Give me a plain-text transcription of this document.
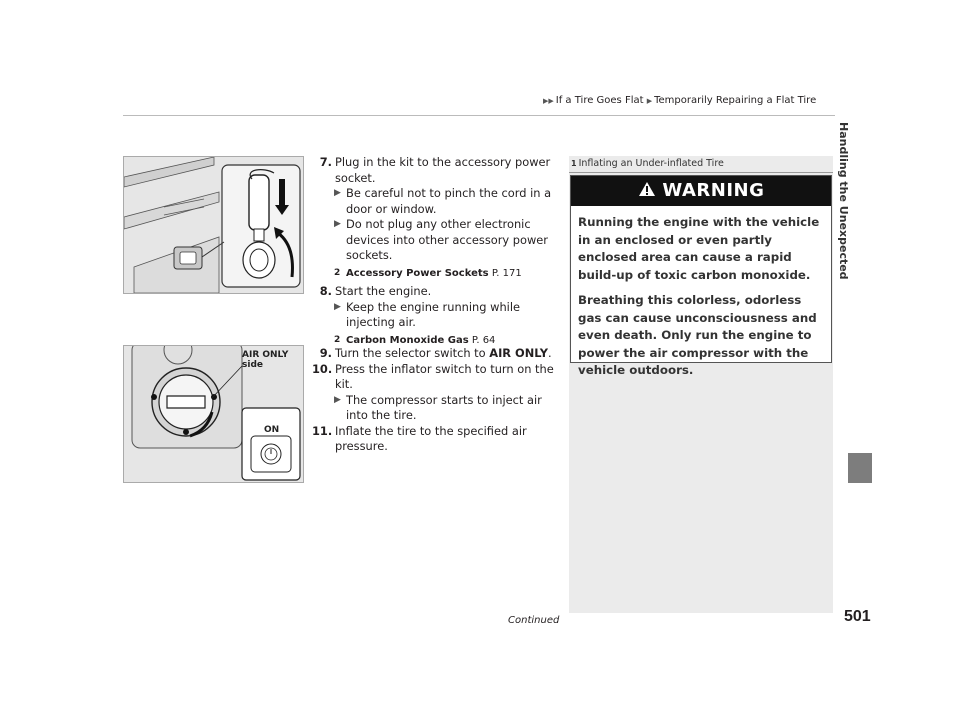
▶▶ If a Tire Goes Flat ▶ Temporarily Repairing a Flat Tire
Handling the Unexpected
AIR ONLY
side
ON

7. Plug in the kit to the accessory power socket.

▶ Be careful not to pinch the cord in a door or window.

▶ Do not plug any other electronic devices into other accessory power sockets.

2 Accessory Power Sockets P. 171

8. Start the engine.

▶ Keep the engine running while injecting air.

2 Carbon Monoxide Gas P. 64

9. Turn the selector switch to AIR ONLY.

10. Press the inflator switch to turn on the kit.

▶ The compressor starts to inject air into the tire.

11. Inflate the tire to the specified air pressure.

1 Inflating an Under-inflated Tire
WARNING

Running the engine with the vehicle in an enclosed or even partly enclosed area can cause a rapid build-up of toxic carbon monoxide.

Breathing this colorless, odorless gas can cause unconsciousness and even death. Only run the engine to power the air compressor with the vehicle outdoors.

Continued	501
